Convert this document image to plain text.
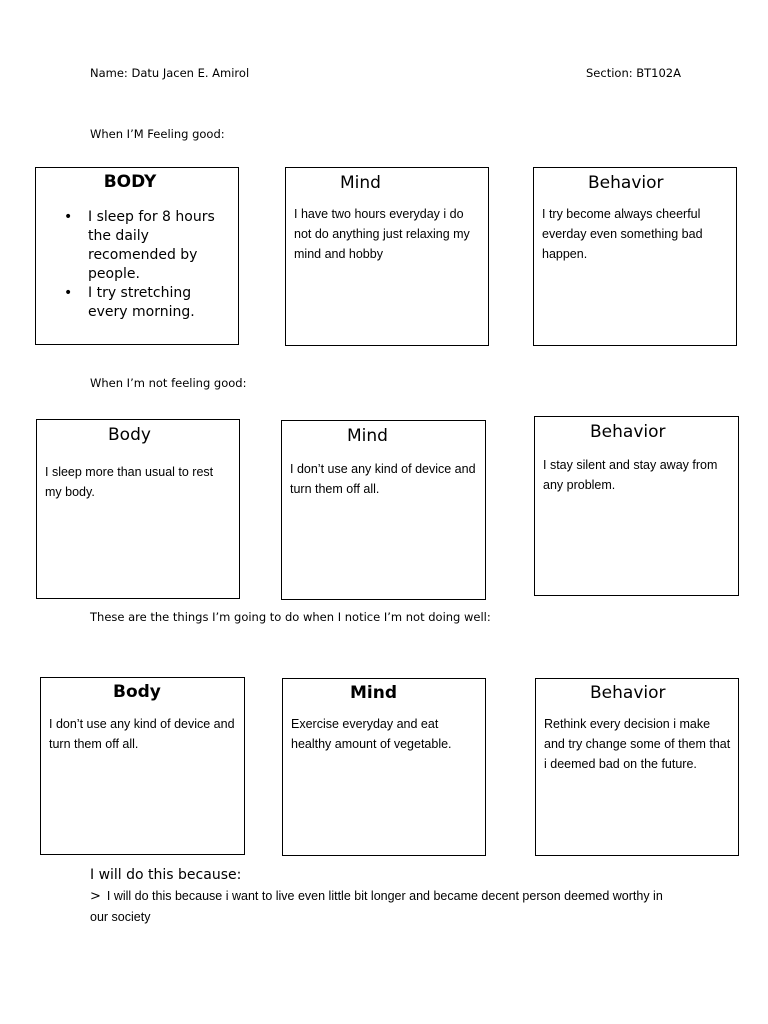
Name: Datu Jacen E. Amirol	Section: BT102A
When I’M Feeling good:
BODY
• I sleep for 8 hours the daily recomended by people.
• I try stretching every morning.
Mind
I have two hours everyday i do not do anything just relaxing my mind and hobby
Behavior
I try become always cheerful everday even something bad happen.
When I’m not feeling good:
Body
I sleep more than usual to rest my body.
Mind
I don’t use any kind of device and turn them off all.
Behavior
I stay silent and stay away from any problem.
These are the things I’m going to do when I notice I’m not doing well:
Body
I don’t use any kind of device and turn them off all.
Mind
Exercise everyday and eat healthy amount of vegetable.
Behavior
Rethink every decision i make and try change some of them that i deemed bad on the future.
I will do this because:
> I will do this because i want to live even little bit longer and became decent person deemed worthy in our society
